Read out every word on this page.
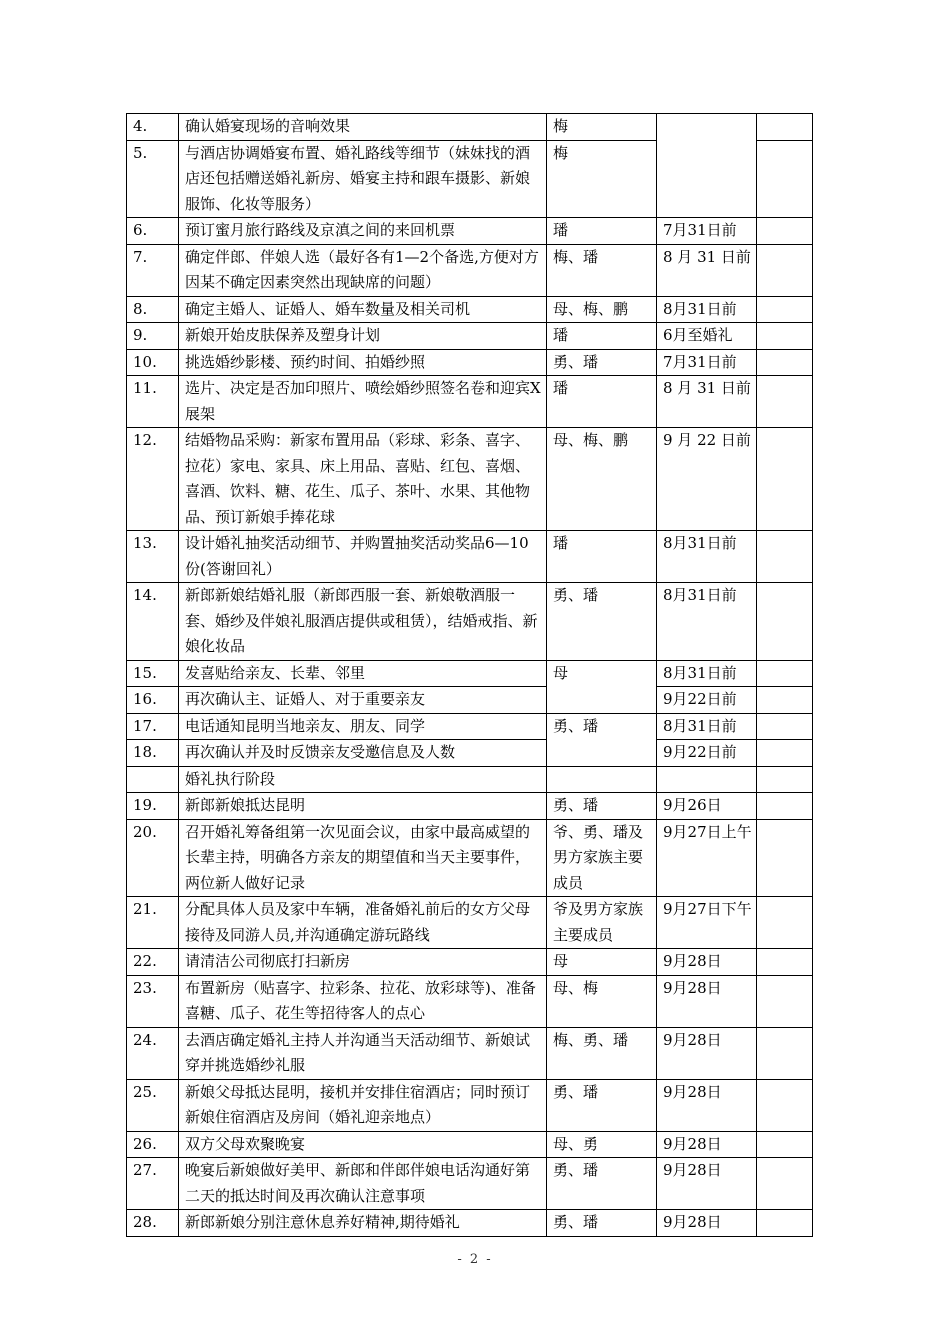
4.	确认婚宴现场的音响效果	梅		
5.	与酒店协调婚宴布置、婚礼路线等细节（妹妹找的酒店还包括赠送婚礼新房、婚宴主持和跟车摄影、新娘服饰、化妆等服务）	梅		
6.	预订蜜月旅行路线及京滇之间的来回机票	璠	7月31日前	
7.	确定伴郎、伴娘人选（最好各有1—2个备选,方便对方因某不确定因素突然出现缺席的问题）	梅、璠	8 月 31 日前	
8.	确定主婚人、证婚人、婚车数量及相关司机	母、梅、鹏	8月31日前	
9.	新娘开始皮肤保养及塑身计划	璠	6月至婚礼	
10.	挑选婚纱影楼、预约时间、拍婚纱照	勇、璠	7月31日前	
11.	选片、决定是否加印照片、喷绘婚纱照签名卷和迎宾X展架	璠	8 月 31 日前	
12.	结婚物品采购：新家布置用品（彩球、彩条、喜字、拉花）家电、家具、床上用品、喜贴、红包、喜烟、喜酒、饮料、糖、花生、瓜子、茶叶、水果、其他物品、预订新娘手捧花球	母、梅、鹏	9 月 22 日前	
13.	设计婚礼抽奖活动细节、并购置抽奖活动奖品6—10份(答谢回礼）	璠	8月31日前	
14.	新郎新娘结婚礼服（新郎西服一套、新娘敬酒服一套、婚纱及伴娘礼服酒店提供或租赁），结婚戒指、新娘化妆品	勇、璠	8月31日前	
15.	发喜贴给亲友、长辈、邻里	母	8月31日前	
16.	再次确认主、证婚人、对于重要亲友		9月22日前	
17.	电话通知昆明当地亲友、朋友、同学	勇、璠	8月31日前	
18.	再次确认并及时反馈亲友受邀信息及人数		9月22日前	
	婚礼执行阶段			
19.	新郎新娘抵达昆明	勇、璠	9月26日	
20.	召开婚礼筹备组第一次见面会议，由家中最高威望的长辈主持，明确各方亲友的期望值和当天主要事件，两位新人做好记录	爷、勇、璠及男方家族主要成员	9月27日上午	
21.	分配具体人员及家中车辆，准备婚礼前后的女方父母接待及同游人员,并沟通确定游玩路线	爷及男方家族主要成员	9月27日下午	
22.	请清洁公司彻底打扫新房	母	9月28日	
23.	布置新房（贴喜字、拉彩条、拉花、放彩球等)、准备喜糖、瓜子、花生等招待客人的点心	母、梅	9月28日	
24.	去酒店确定婚礼主持人并沟通当天活动细节、新娘试穿并挑选婚纱礼服	梅、勇、璠	9月28日	
25.	新娘父母抵达昆明，接机并安排住宿酒店；同时预订新娘住宿酒店及房间（婚礼迎亲地点）	勇、璠	9月28日	
26.	双方父母欢聚晚宴	母、勇	9月28日	
27.	晚宴后新娘做好美甲、新郎和伴郎伴娘电话沟通好第二天的抵达时间及再次确认注意事项	勇、璠	9月28日	
28.	新郎新娘分别注意休息养好精神,期待婚礼	勇、璠	9月28日	
- 2 -
